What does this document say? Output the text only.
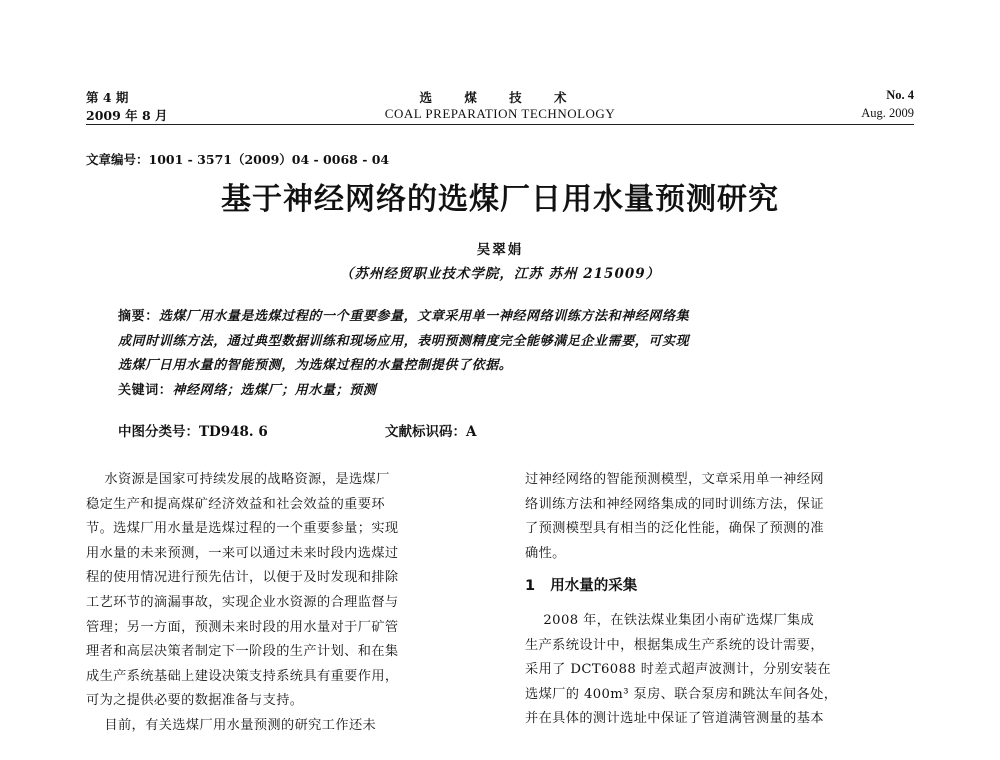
第 4 期
2009 年 8 月
选 煤 技 术
COAL PREPARATION TECHNOLOGY
No. 4
Aug. 2009
文章编号：1001 - 3571（2009）04 - 0068 - 04
基于神经网络的选煤厂日用水量预测研究
吴翠娟
（苏州经贸职业技术学院，江苏 苏州 215009）
摘要：选煤厂用水量是选煤过程的一个重要参量，文章采用单一神经网络训练方法和神经网络集
成同时训练方法，通过典型数据训练和现场应用，表明预测精度完全能够满足企业需要，可实现
选煤厂日用水量的智能预测，为选煤过程的水量控制提供了依据。
关键词：神经网络；选煤厂；用水量；预测
中图分类号：TD948. 6	文献标识码：A
水资源是国家可持续发展的战略资源，是选煤厂
稳定生产和提高煤矿经济效益和社会效益的重要环
节。选煤厂用水量是选煤过程的一个重要参量；实现
用水量的未来预测，一来可以通过未来时段内选煤过
程的使用情况进行预先估计，以便于及时发现和排除
工艺环节的滴漏事故，实现企业水资源的合理监督与
管理；另一方面，预测未来时段的用水量对于厂矿管
理者和高层决策者制定下一阶段的生产计划、和在集
成生产系统基础上建设决策支持系统具有重要作用，
可为之提供必要的数据准备与支持。
目前，有关选煤厂用水量预测的研究工作还未
过神经网络的智能预测模型，文章采用单一神经网
络训练方法和神经网络集成的同时训练方法，保证
了预测模型具有相当的泛化性能，确保了预测的准
确性。
1   用水量的采集
2008 年，在铁法煤业集团小南矿选煤厂集成
生产系统设计中，根据集成生产系统的设计需要，
采用了 DCT6088 时差式超声波测计，分别安装在
选煤厂的 400m³ 泵房、联合泵房和跳汰车间各处，
并在具体的测计选址中保证了管道满管测量的基本
